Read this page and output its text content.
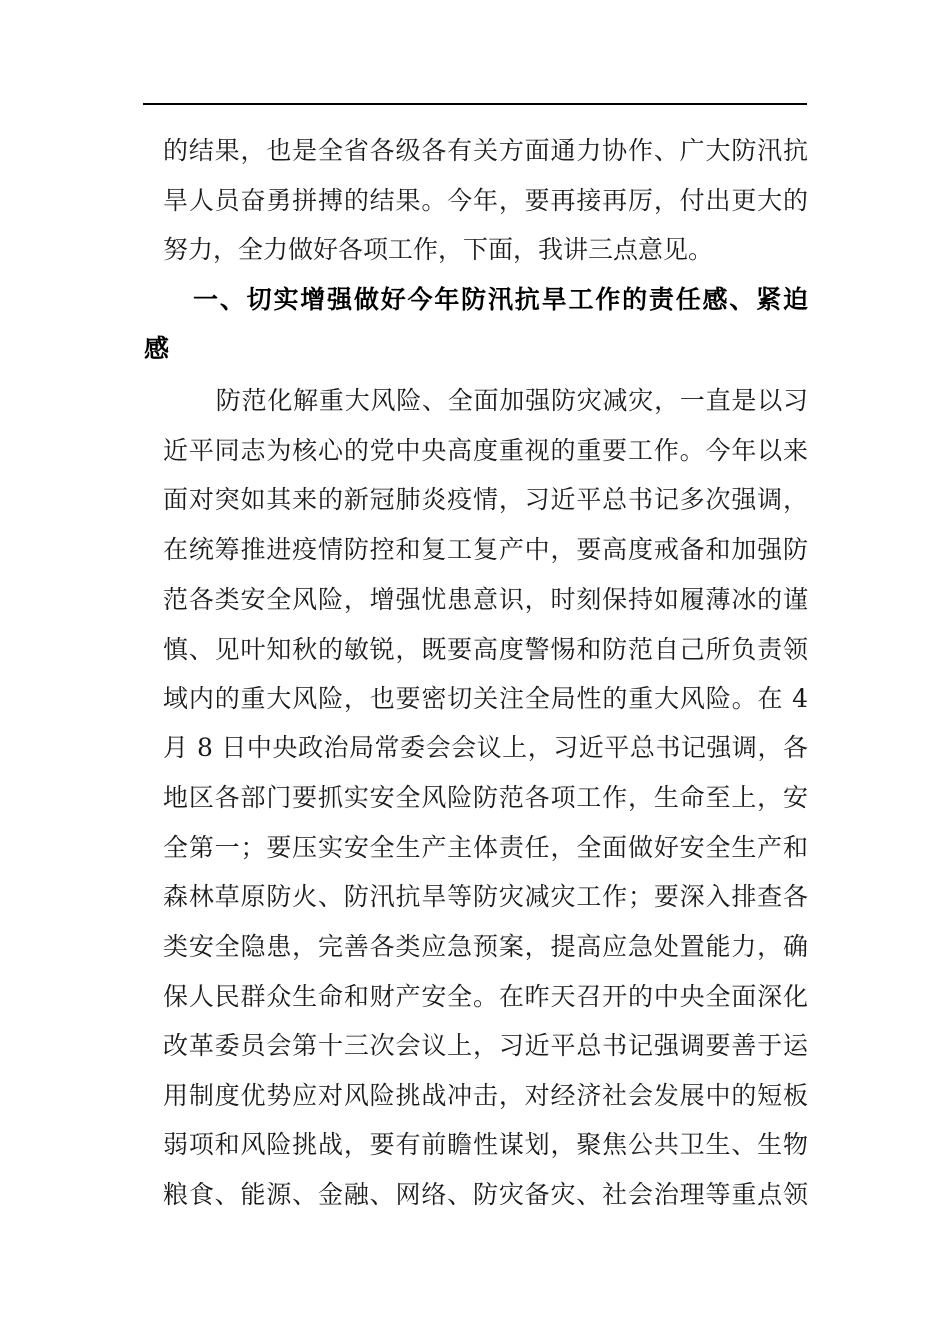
的结果，也是全省各级各有关方面通力协作、广大防汛抗
旱人员奋勇拼搏的结果。今年，要再接再厉，付出更大的
努力，全力做好各项工作，下面，我讲三点意见。
一、切实增强做好今年防汛抗旱工作的责任感、紧迫
感
　防范化解重大风险、全面加强防灾减灾，一直是以习
近平同志为核心的党中央高度重视的重要工作。今年以来
面对突如其来的新冠肺炎疫情，习近平总书记多次强调，
在统筹推进疫情防控和复工复产中，要高度戒备和加强防
范各类安全风险，增强忧患意识，时刻保持如履薄冰的谨
慎、见叶知秋的敏锐，既要高度警惕和防范自己所负责领
域内的重大风险，也要密切关注全局性的重大风险。在 4
月 8 日中央政治局常委会会议上，习近平总书记强调，各
地区各部门要抓实安全风险防范各项工作，生命至上，安
全第一；要压实安全生产主体责任，全面做好安全生产和
森林草原防火、防汛抗旱等防灾减灾工作；要深入排查各
类安全隐患，完善各类应急预案，提高应急处置能力，确
保人民群众生命和财产安全。在昨天召开的中央全面深化
改革委员会第十三次会议上，习近平总书记强调要善于运
用制度优势应对风险挑战冲击，对经济社会发展中的短板
弱项和风险挑战，要有前瞻性谋划，聚焦公共卫生、生物
粮食、能源、金融、网络、防灾备灾、社会治理等重点领
